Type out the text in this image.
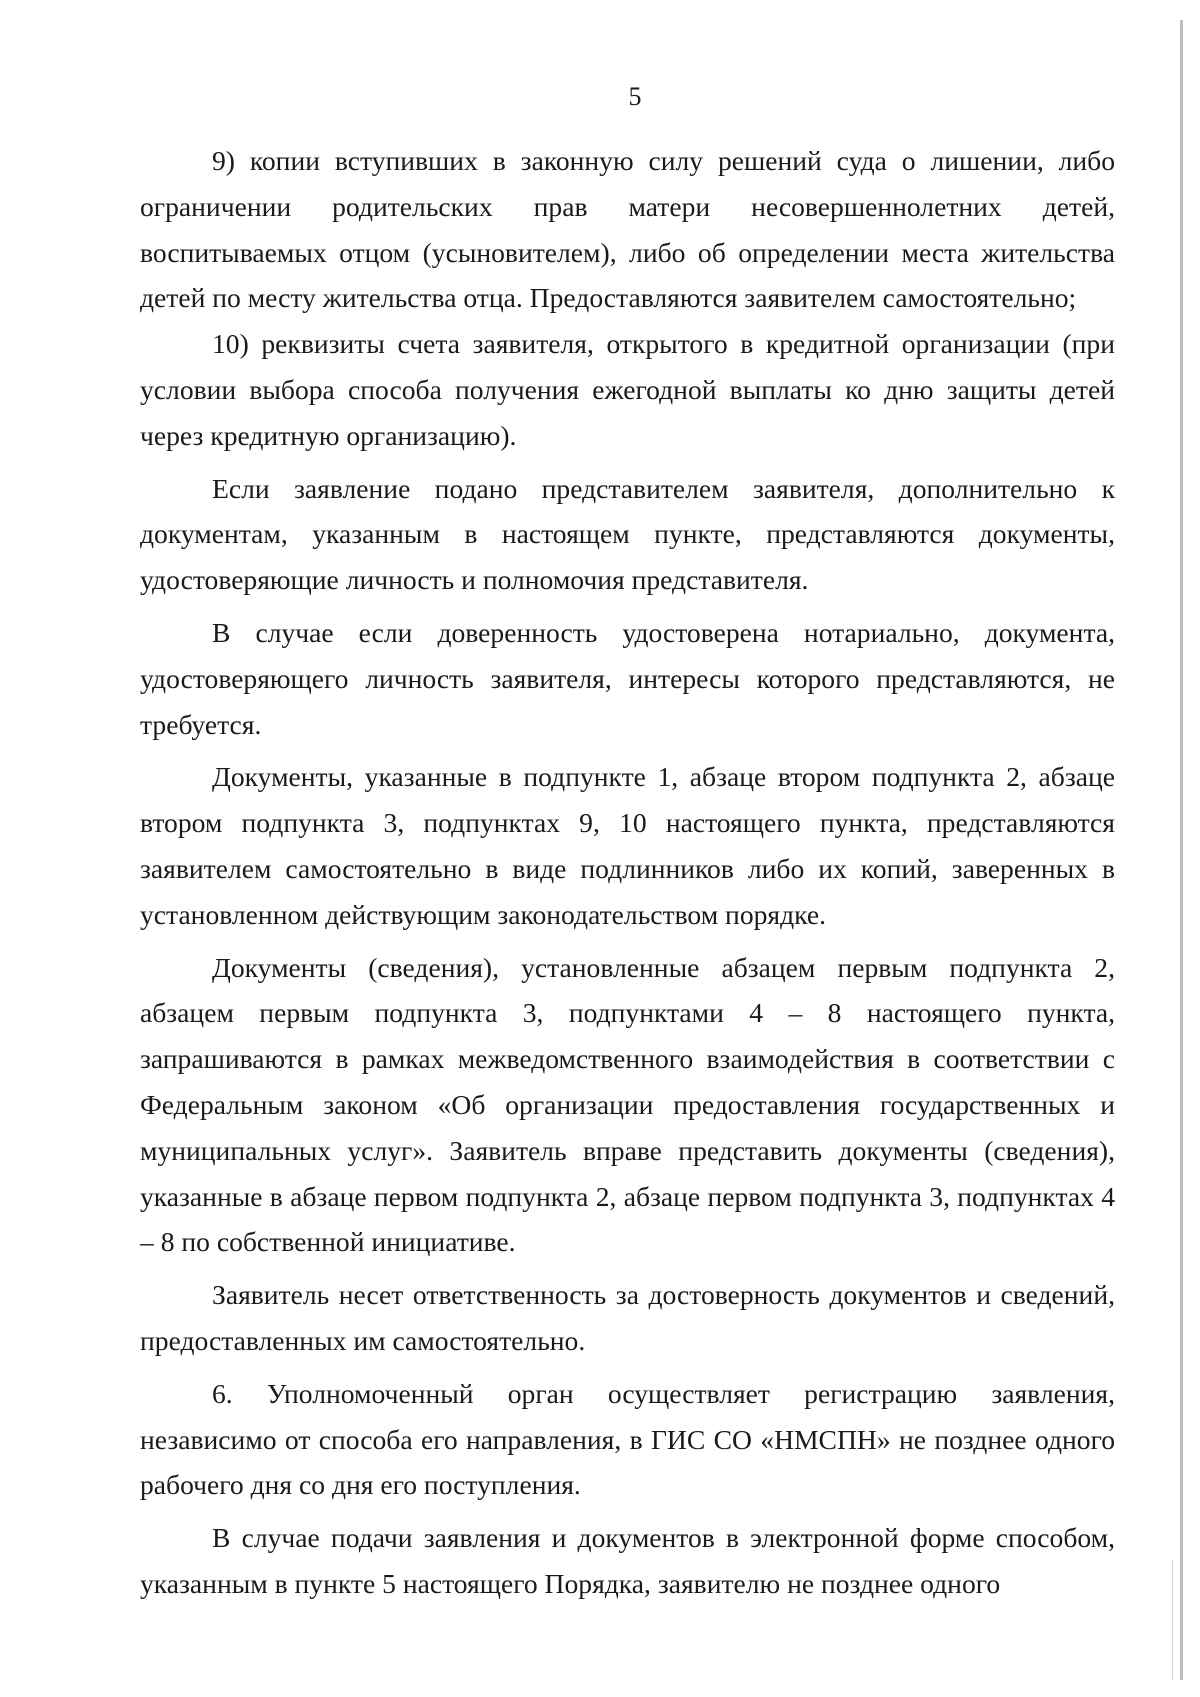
5

9) копии вступивших в законную силу решений суда о лишении, либо ограничении родительских прав матери несовершеннолетних детей, воспитываемых отцом (усыновителем), либо об определении места жительства детей по месту жительства отца. Предоставляются заявителем самостоятельно;

10) реквизиты счета заявителя, открытого в кредитной организации (при условии выбора способа получения ежегодной выплаты ко дню защиты детей через кредитную организацию).

Если заявление подано представителем заявителя, дополнительно к документам, указанным в настоящем пункте, представляются документы, удостоверяющие личность и полномочия представителя.

В случае если доверенность удостоверена нотариально, документа, удостоверяющего личность заявителя, интересы которого представляются, не требуется.

Документы, указанные в подпункте 1, абзаце втором подпункта 2, абзаце втором подпункта 3, подпунктах 9, 10 настоящего пункта, представляются заявителем самостоятельно в виде подлинников либо их копий, заверенных в установленном действующим законодательством порядке.

Документы (сведения), установленные абзацем первым подпункта 2, абзацем первым подпункта 3, подпунктами 4 – 8 настоящего пункта, запрашиваются в рамках межведомственного взаимодействия в соответствии с Федеральным законом «Об организации предоставления государственных и муниципальных услуг». Заявитель вправе представить документы (сведения), указанные в абзаце первом подпункта 2, абзаце первом подпункта 3, подпунктах 4 – 8 по собственной инициативе.

Заявитель несет ответственность за достоверность документов и сведений, предоставленных им самостоятельно.

6. Уполномоченный орган осуществляет регистрацию заявления, независимо от способа его направления, в ГИС СО «НМСПН» не позднее одного рабочего дня со дня его поступления.

В случае подачи заявления и документов в электронной форме способом, указанным в пункте 5 настоящего Порядка, заявителю не позднее одного
